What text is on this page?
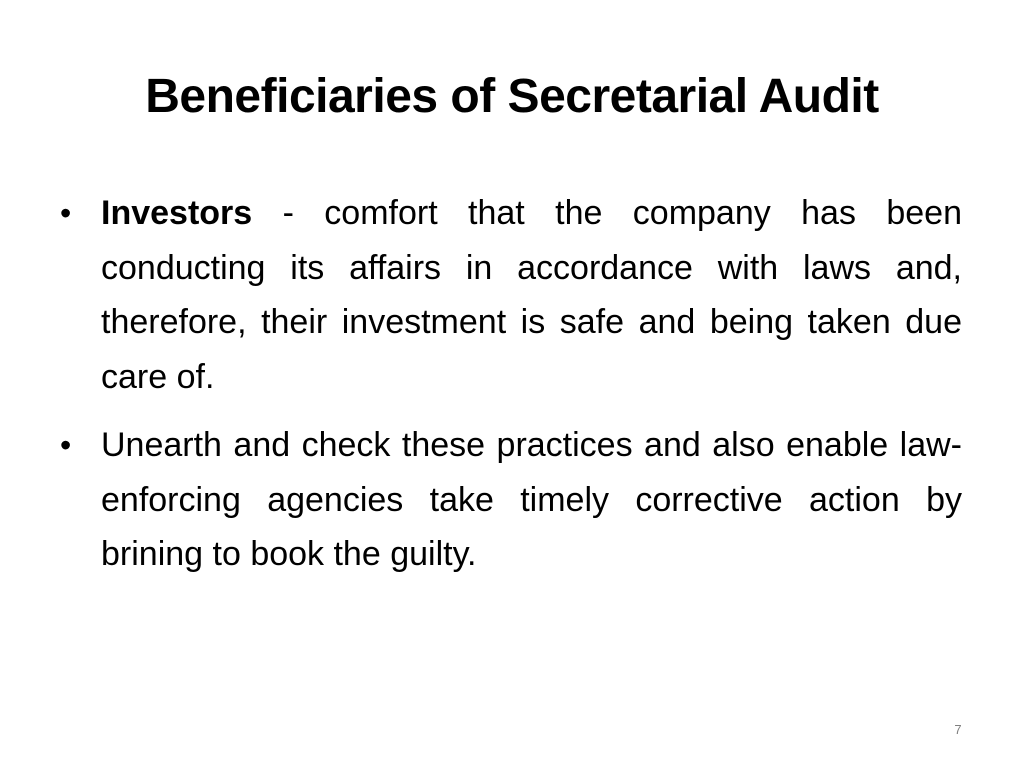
Beneficiaries of Secretarial Audit
• Investors - comfort that the company has been conducting its affairs in accordance with laws and, therefore, their investment is safe and being taken due care of.
• Unearth and check these practices and also enable law-enforcing agencies take timely corrective action by brining to book the guilty.
7
